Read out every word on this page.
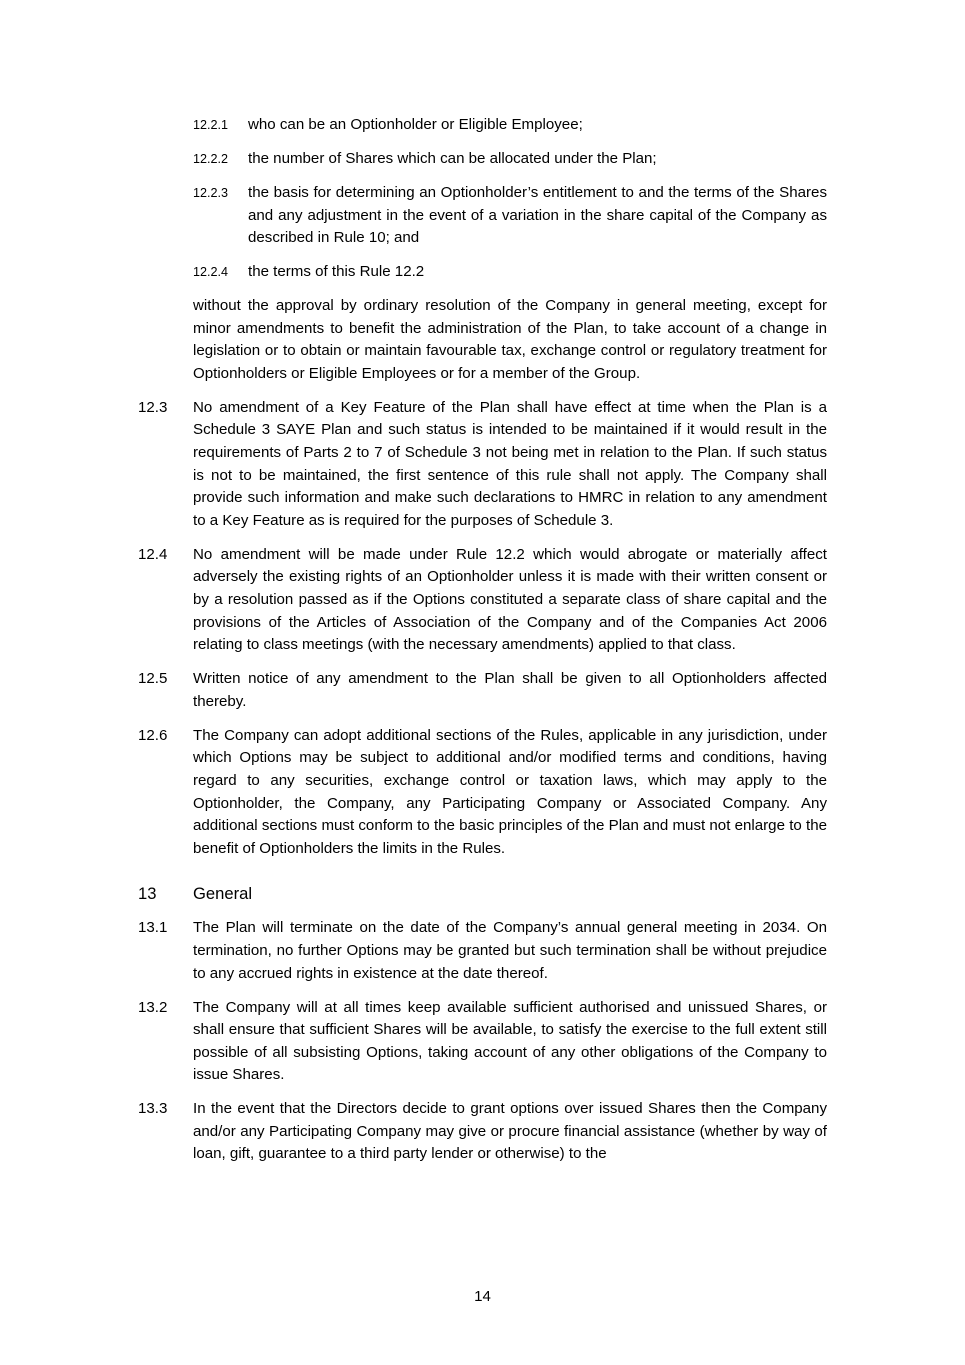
12.2.1	who can be an Optionholder or Eligible Employee;
12.2.2	the number of Shares which can be allocated under the Plan;
12.2.3	the basis for determining an Optionholder’s entitlement to and the terms of the Shares and any adjustment in the event of a variation in the share capital of the Company as described in Rule 10; and
12.2.4	the terms of this Rule 12.2
without the approval by ordinary resolution of the Company in general meeting, except for minor amendments to benefit the administration of the Plan, to take account of a change in legislation or to obtain or maintain favourable tax, exchange control or regulatory treatment for Optionholders or Eligible Employees or for a member of the Group.
12.3	No amendment of a Key Feature of the Plan shall have effect at time when the Plan is a Schedule 3 SAYE Plan and such status is intended to be maintained if it would result in the requirements of Parts 2 to 7 of Schedule 3 not being met in relation to the Plan. If such status is not to be maintained, the first sentence of this rule shall not apply. The Company shall provide such information and make such declarations to HMRC in relation to any amendment to a Key Feature as is required for the purposes of Schedule 3.
12.4	No amendment will be made under Rule 12.2 which would abrogate or materially affect adversely the existing rights of an Optionholder unless it is made with their written consent or by a resolution passed as if the Options constituted a separate class of share capital and the provisions of the Articles of Association of the Company and of the Companies Act 2006 relating to class meetings (with the necessary amendments) applied to that class.
12.5	Written notice of any amendment to the Plan shall be given to all Optionholders affected thereby.
12.6	The Company can adopt additional sections of the Rules, applicable in any jurisdiction, under which Options may be subject to additional and/or modified terms and conditions, having regard to any securities, exchange control or taxation laws, which may apply to the Optionholder, the Company, any Participating Company or Associated Company. Any additional sections must conform to the basic principles of the Plan and must not enlarge to the benefit of Optionholders the limits in the Rules.
13	General
13.1	The Plan will terminate on the date of the Company’s annual general meeting in 2034. On termination, no further Options may be granted but such termination shall be without prejudice to any accrued rights in existence at the date thereof.
13.2	The Company will at all times keep available sufficient authorised and unissued Shares, or shall ensure that sufficient Shares will be available, to satisfy the exercise to the full extent still possible of all subsisting Options, taking account of any other obligations of the Company to issue Shares.
13.3	In the event that the Directors decide to grant options over issued Shares then the Company and/or any Participating Company may give or procure financial assistance (whether by way of loan, gift, guarantee to a third party lender or otherwise) to the
14
